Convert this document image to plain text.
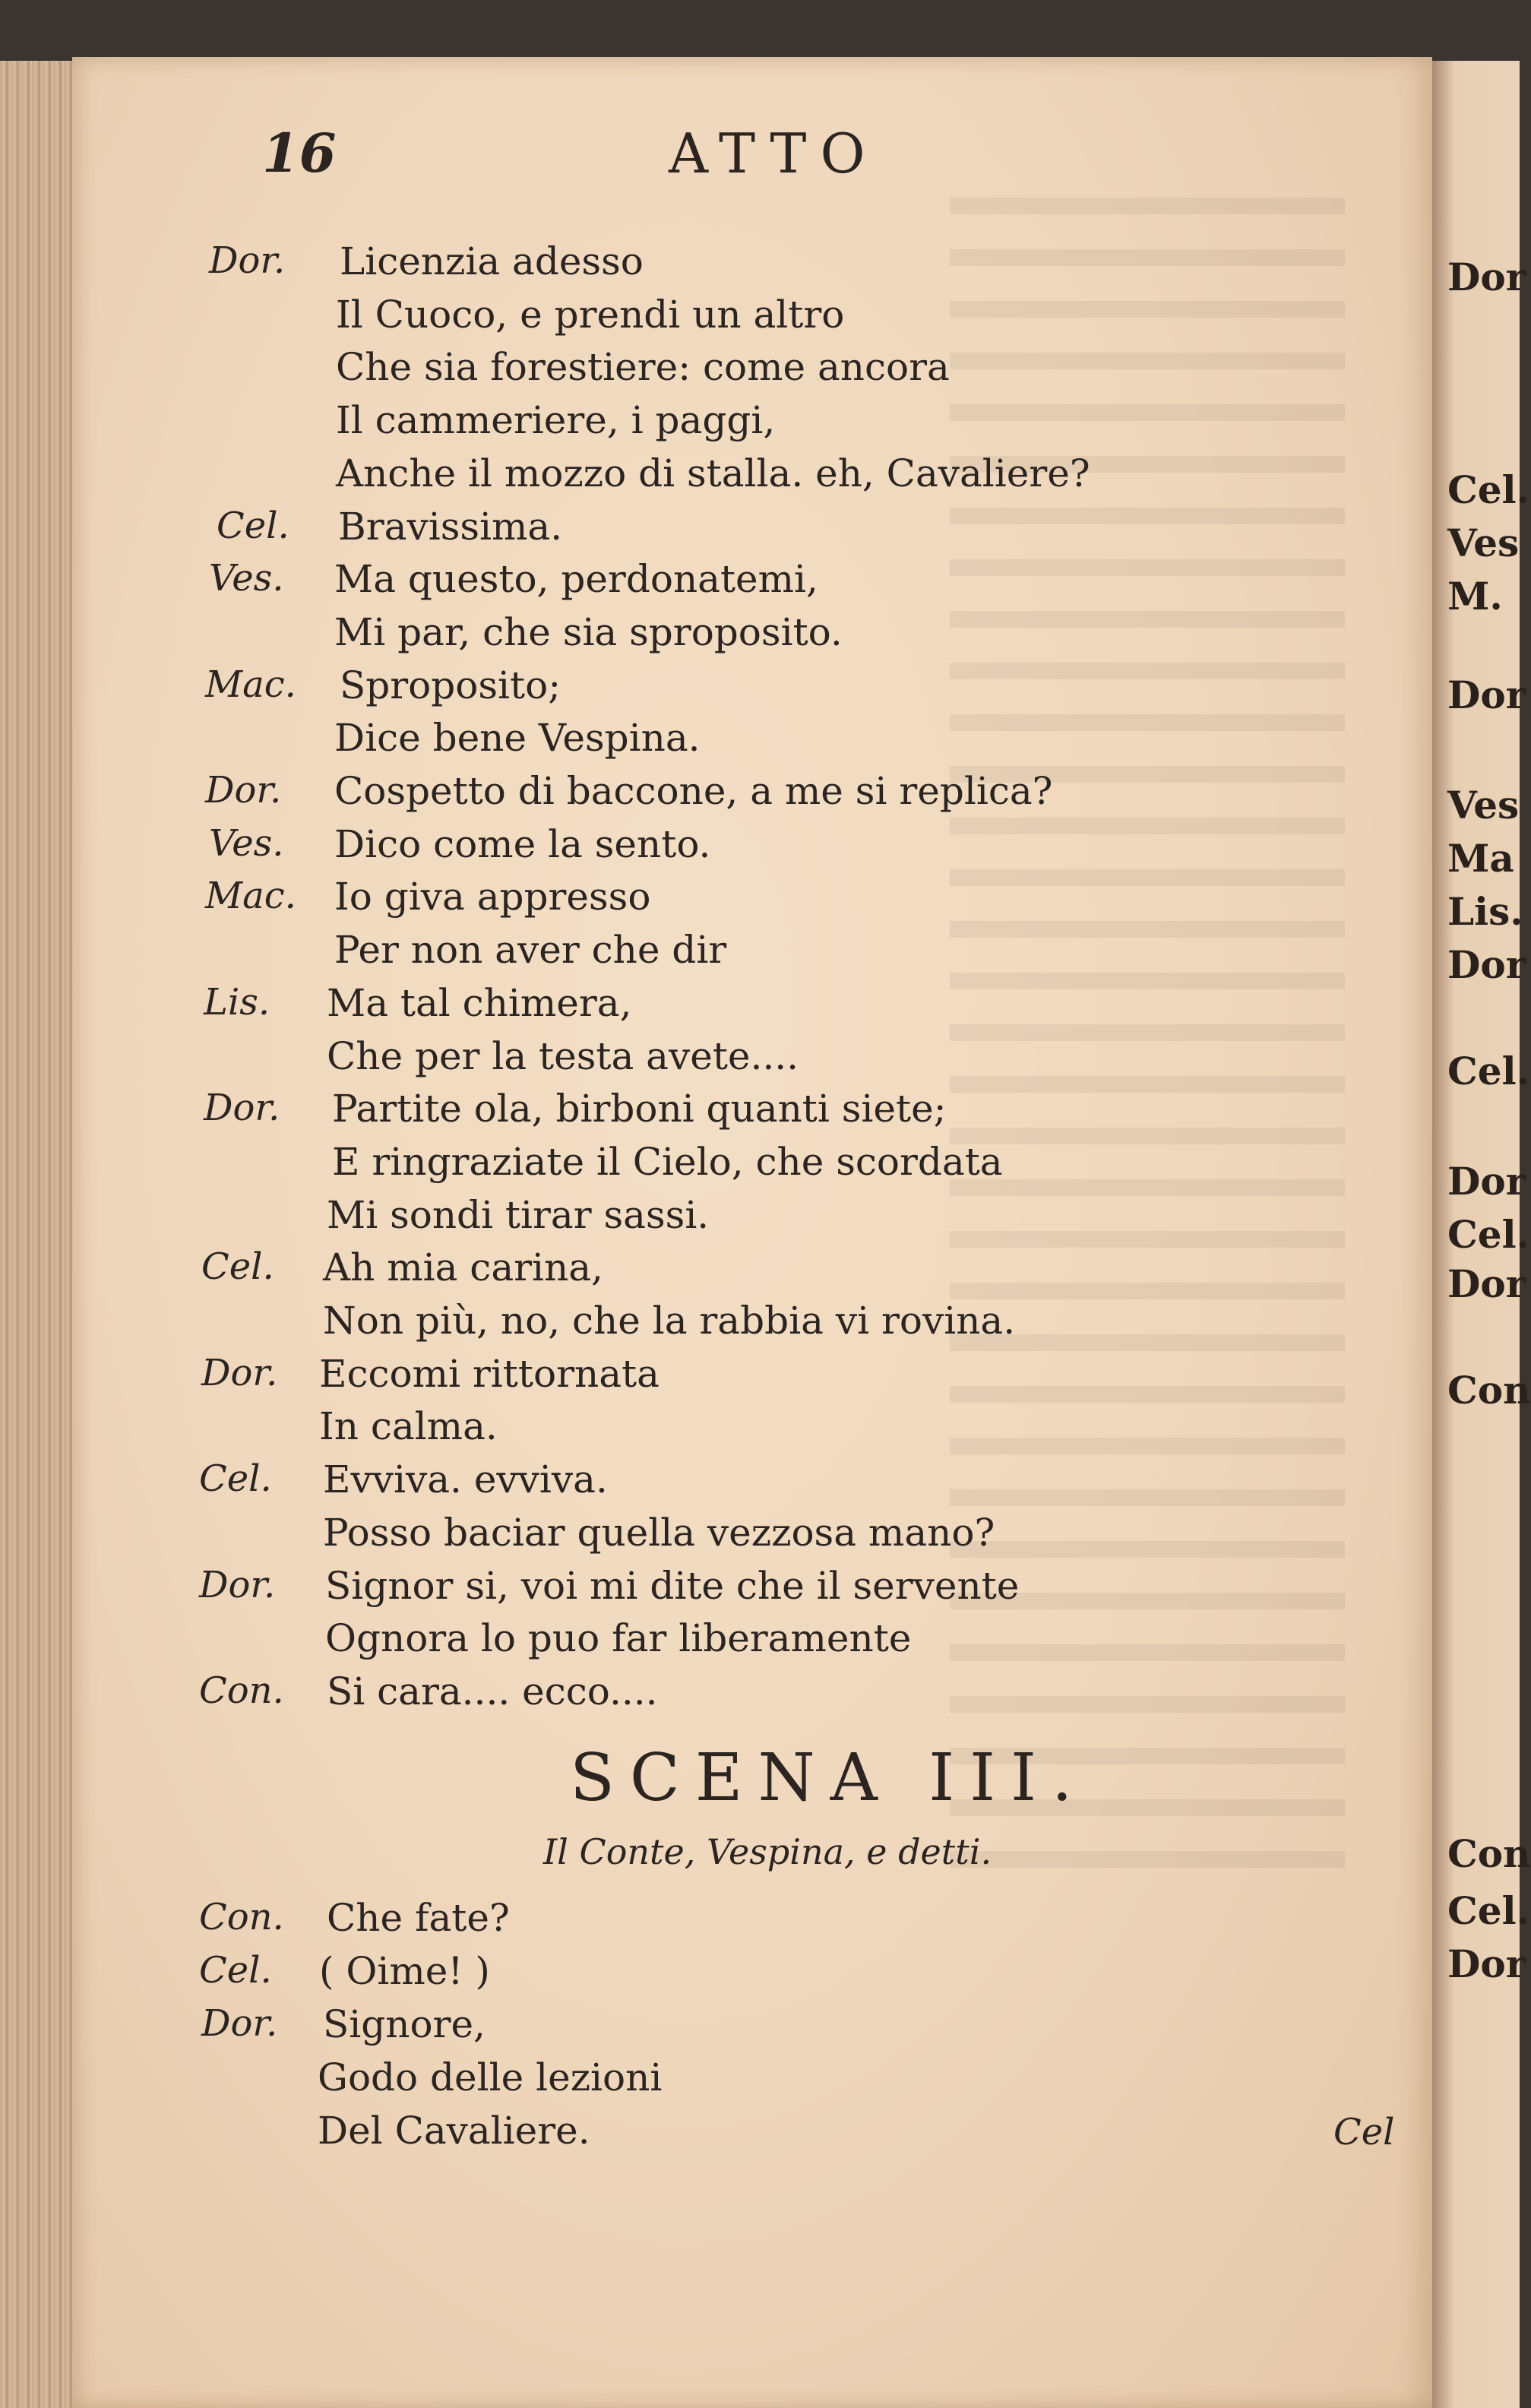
16	ATTO
Dor. Licenzia adesso
Il Cuoco, e prendi un altro
Che sia forestiere: come ancora
Il cammeriere, i paggi,
Anche il mozzo di stalla. eh, Cavaliere?
Cel. Bravissima.
Ves. Ma questo, perdonatemi,
Mi par, che sia sproposito.
Mac. Sproposito;
Dice bene Vespina.
Dor. Cospetto di baccone, a me si replica?
Ves. Dico come la sento.
Mac. Io giva appresso
Per non aver che dir
Lis. Ma tal chimera,
Che per la testa avete....
Dor. Partite ola, birboni quanti siete;
E ringraziate il Cielo, che scordata
Mi sondi tirar sassi.
Cel. Ah mia carina,
Non più, no, che la rabbia vi rovina.
Dor. Eccomi rittornata
In calma.
Cel. Evviva. evviva.
Posso baciar quella vezzosa mano?
Dor. Signor si, voi mi dite che il servente
Ognora lo puo far liberamente
Con. Si cara.... ecco....
SCENA III.
Il Conte, Vespina, e detti.
Con. Che fate?
Cel. ( Oime! )
Dor. Signore,
Godo delle lezioni
Del Cavaliere.
Dor
Cel.
Ves
M.
Dor
Ves
Ma
Lis.
Dor
Cel.
Dor
Cel.
Dor
Con
Con
Cel.
Dor
Cel
